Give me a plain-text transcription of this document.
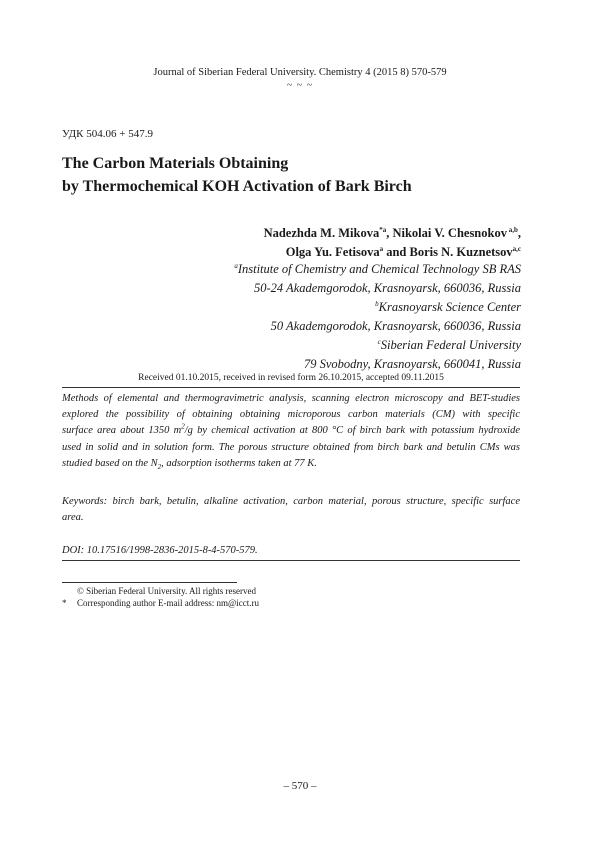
Journal of Siberian Federal University. Chemistry 4 (2015 8) 570-579
~ ~ ~
УДК 504.06 + 547.9
The Carbon Materials Obtaining
by Thermochemical KOH Activation of Bark Birch
Nadezhda M. Mikova$^{*a}$, Nikolai V. Chesnokov $^{a,b}$,
Olga Yu. Fetisova$^a$ and Boris N. Kuznetsov$^{a,c}$
$^a$Institute of Chemistry and Chemical Technology SB RAS
50-24 Akademgorodok, Krasnoyarsk, 660036, Russia
$^b$Krasnoyarsk Science Center
50 Akademgorodok, Krasnoyarsk, 660036, Russia
$^c$Siberian Federal University
79 Svobodny, Krasnoyarsk, 660041, Russia
Received 01.10.2015, received in revised form 26.10.2015, accepted 09.11.2015
Methods of elemental and thermogravimetric analysis, scanning electron microscopy and BET-studies
explored the possibility of obtaining obtaining microporous carbon materials (CM) with specific
surface area about 1350 $m^2/g$ by chemical activation at 800 °C of birch bark with potassium hydroxide
used in solid and in solution form. The porous structure obtained from birch bark and betulin CMs was
studied based on the $N_2$, adsorption isotherms taken at 77 K.
Keywords: birch bark, betulin, alkaline activation, carbon material, porous structure, specific surface
area.
DOI: 10.17516/1998-2836-2015-8-4-570-579.
© Siberian Federal University. All rights reserved
* Corresponding author E-mail address: nm@icct.ru
– 570 –
